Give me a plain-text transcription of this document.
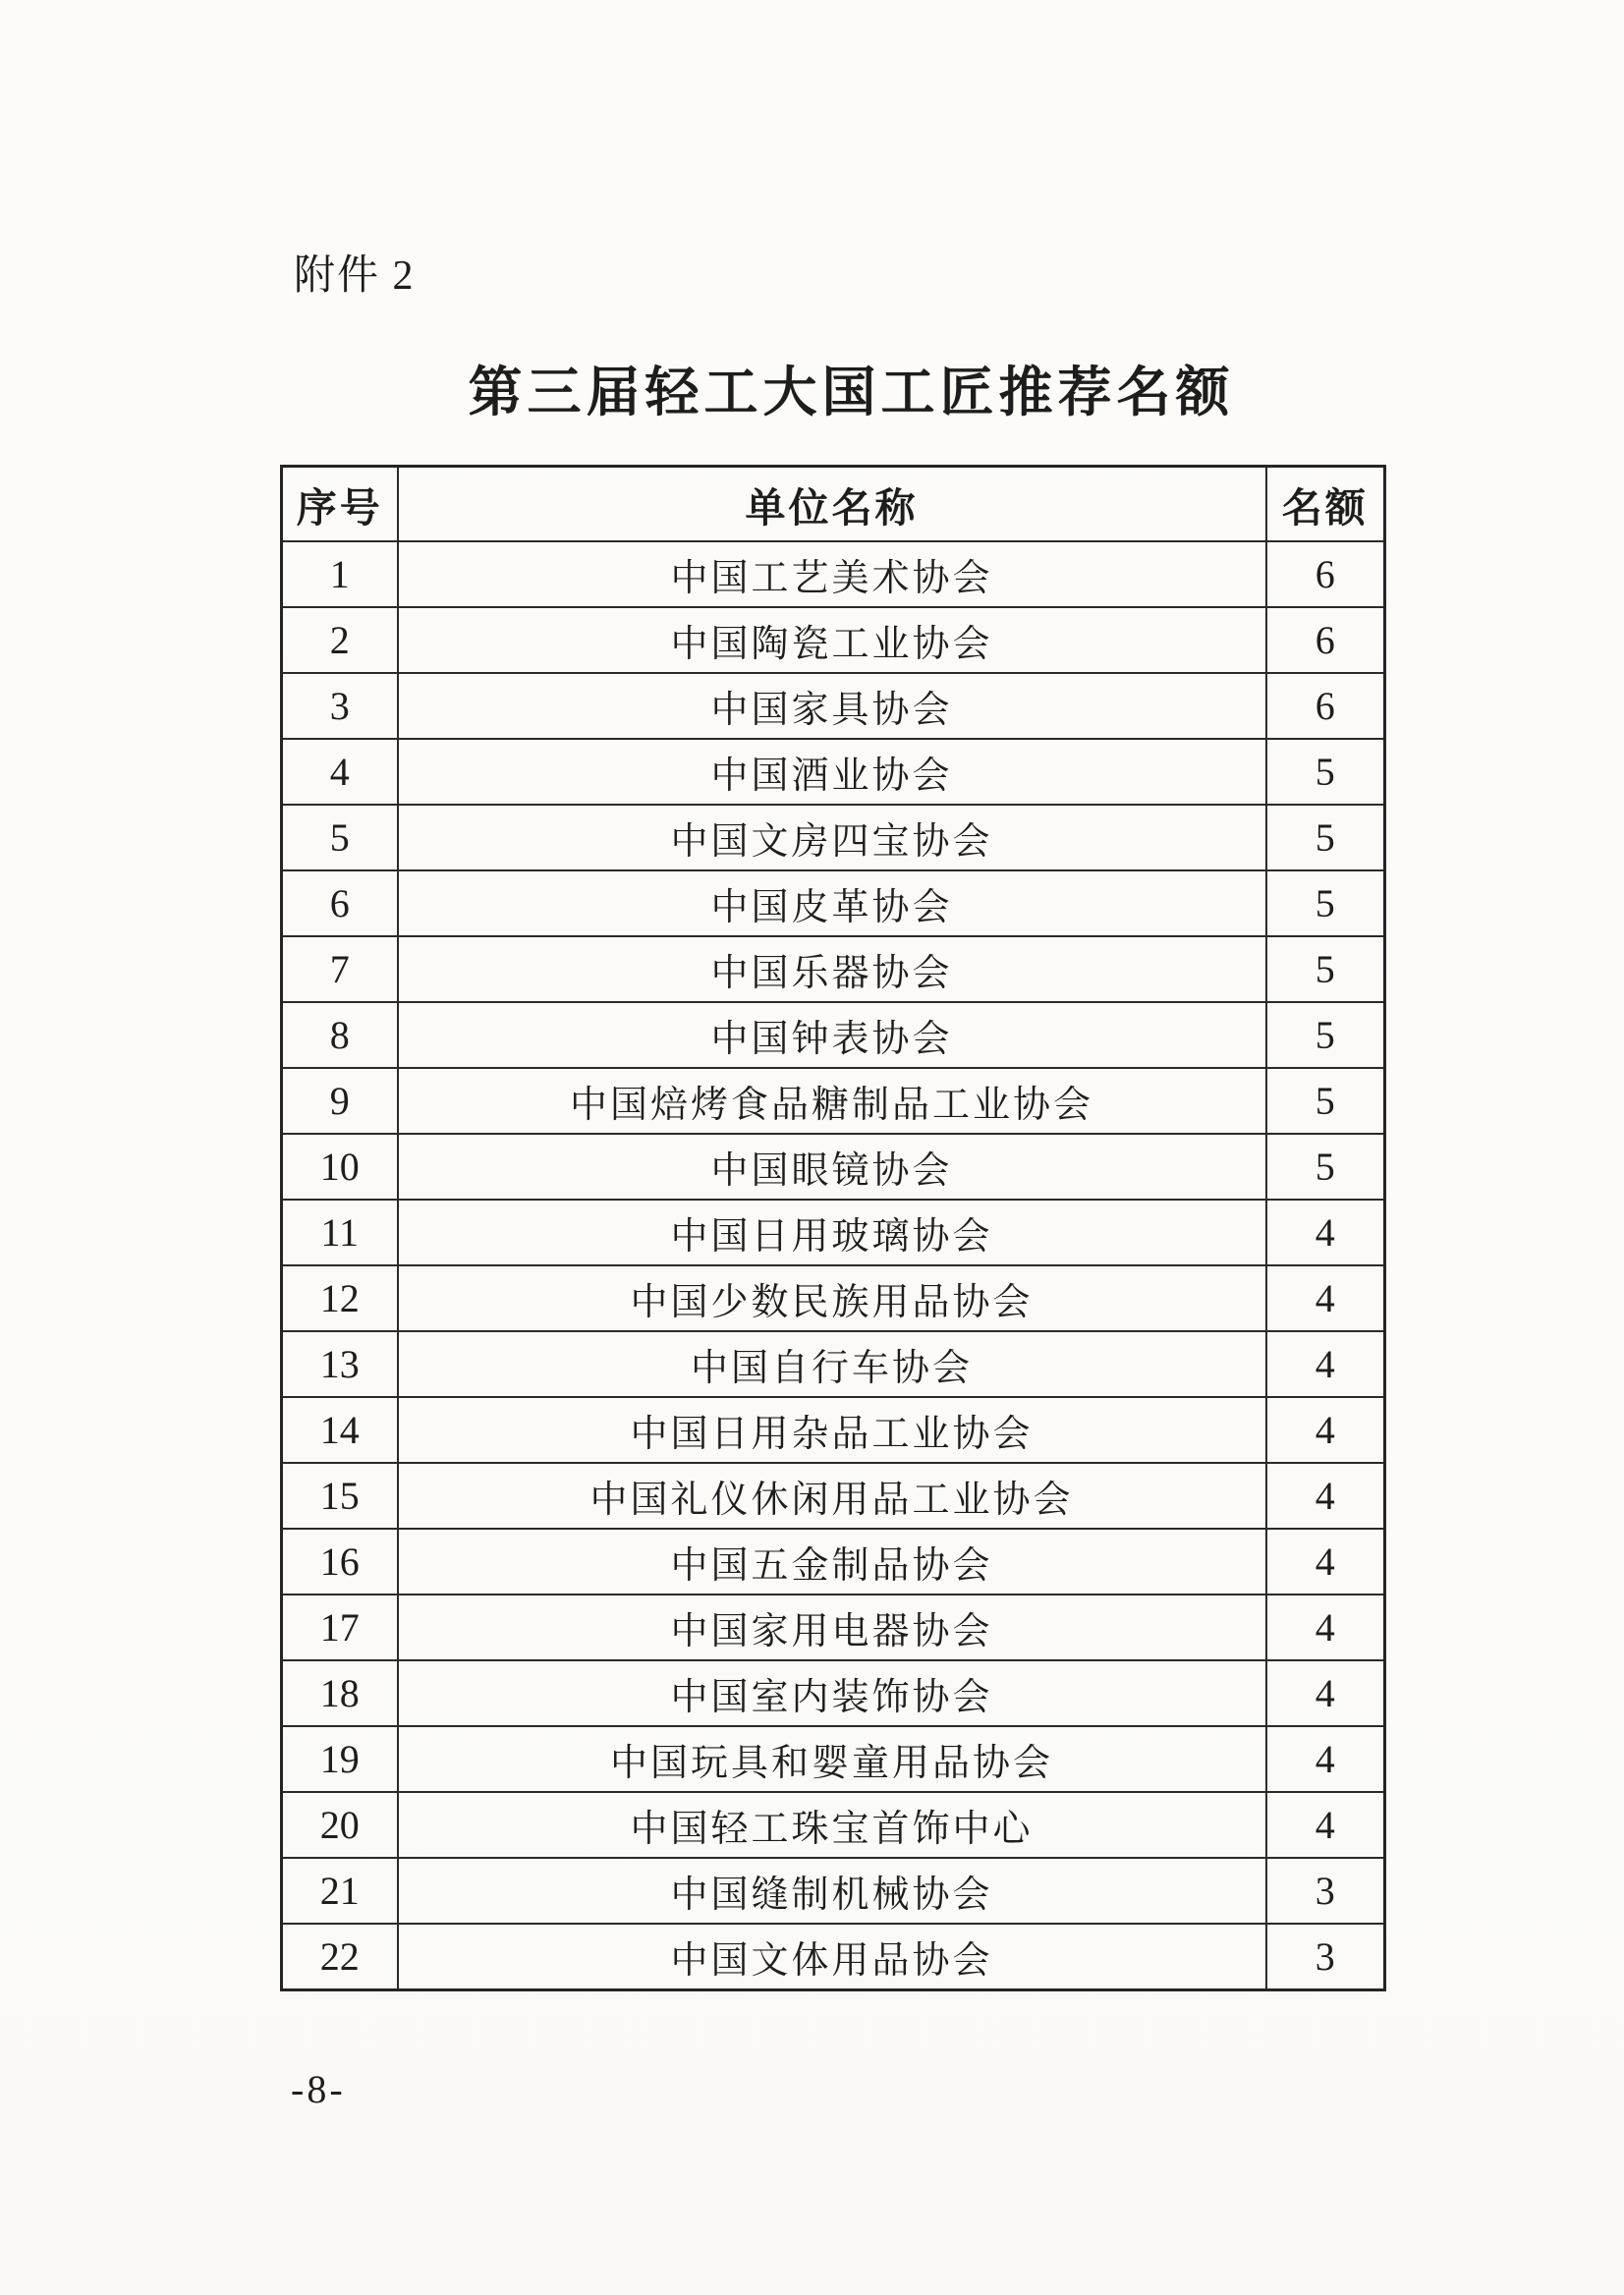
附件 2
第三届轻工大国工匠推荐名额
序号	单位名称	名额
1	中国工艺美术协会	6
2	中国陶瓷工业协会	6
3	中国家具协会	6
4	中国酒业协会	5
5	中国文房四宝协会	5
6	中国皮革协会	5
7	中国乐器协会	5
8	中国钟表协会	5
9	中国焙烤食品糖制品工业协会	5
10	中国眼镜协会	5
11	中国日用玻璃协会	4
12	中国少数民族用品协会	4
13	中国自行车协会	4
14	中国日用杂品工业协会	4
15	中国礼仪休闲用品工业协会	4
16	中国五金制品协会	4
17	中国家用电器协会	4
18	中国室内装饰协会	4
19	中国玩具和婴童用品协会	4
20	中国轻工珠宝首饰中心	4
21	中国缝制机械协会	3
22	中国文体用品协会	3
-8-
